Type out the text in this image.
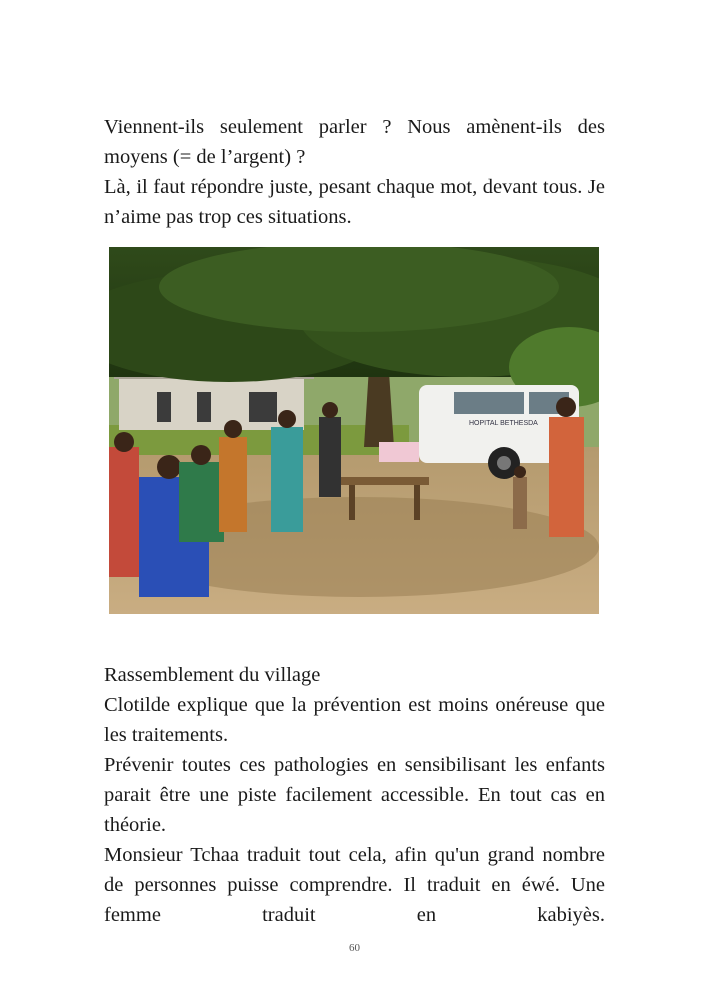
Viennent-ils seulement parler ? Nous amènent-ils des moyens (= de l’argent) ?

Là, il faut répondre juste, pesant chaque mot, devant tous. Je n’aime pas trop ces situations.

HOPITAL BETHESDA

Rassemblement du village

Clotilde explique que la prévention est moins onéreuse que les traitements.

Prévenir toutes ces pathologies en sensibilisant les enfants parait être une piste facilement accessible. En tout cas en théorie.

Monsieur Tchaa traduit tout cela, afin qu'un grand nombre de personnes puisse comprendre. Il traduit en éwé. Une femme traduit en kabiyès.

60
